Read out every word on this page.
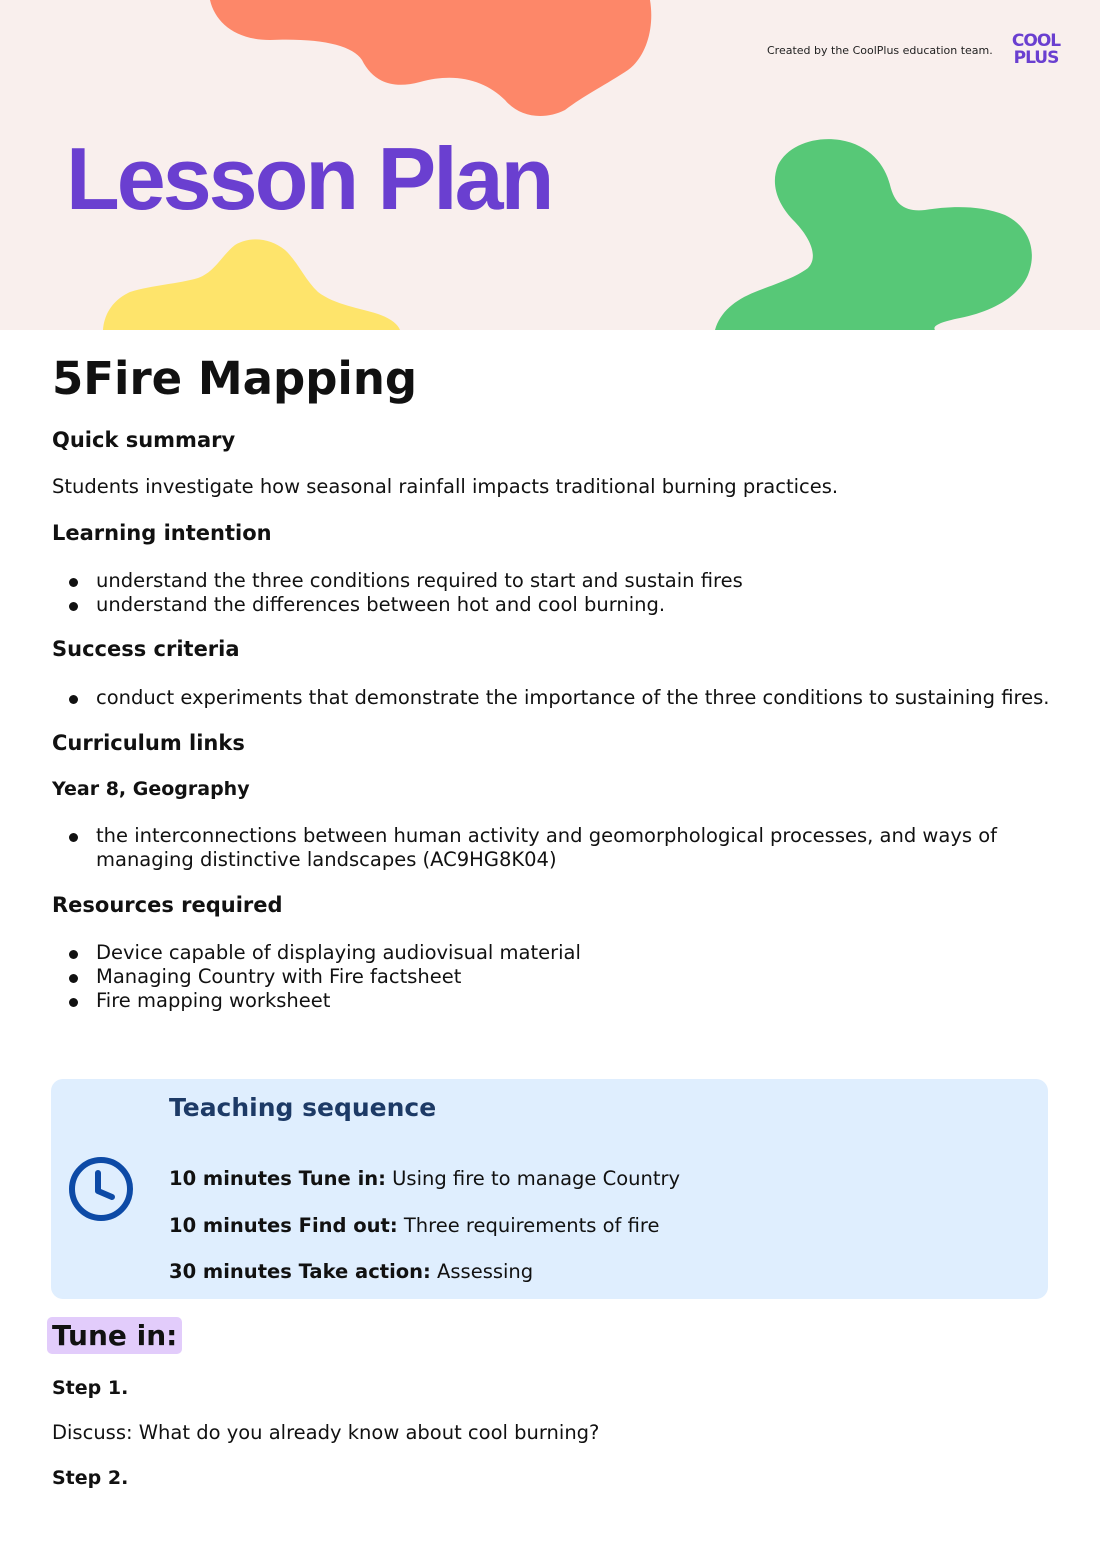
Created by the CoolPlus education team.	COOL
PLUS
Lesson Plan
5Fire Mapping
Quick summary
Students investigate how seasonal rainfall impacts traditional burning practices.
Learning intention
understand the three conditions required to start and sustain fires
understand the differences between hot and cool burning.
Success criteria
conduct experiments that demonstrate the importance of the three conditions to sustaining fires.
Curriculum links
Year 8, Geography
the interconnections between human activity and geomorphological processes, and ways of managing distinctive landscapes (AC9HG8K04)
Resources required
Device capable of displaying audiovisual material
Managing Country with Fire factsheet
Fire mapping worksheet
Teaching sequence
10 minutes Tune in: Using fire to manage Country
10 minutes Find out: Three requirements of fire
30 minutes Take action: Assessing
Tune in:
Step 1.
Discuss: What do you already know about cool burning?
Step 2.
